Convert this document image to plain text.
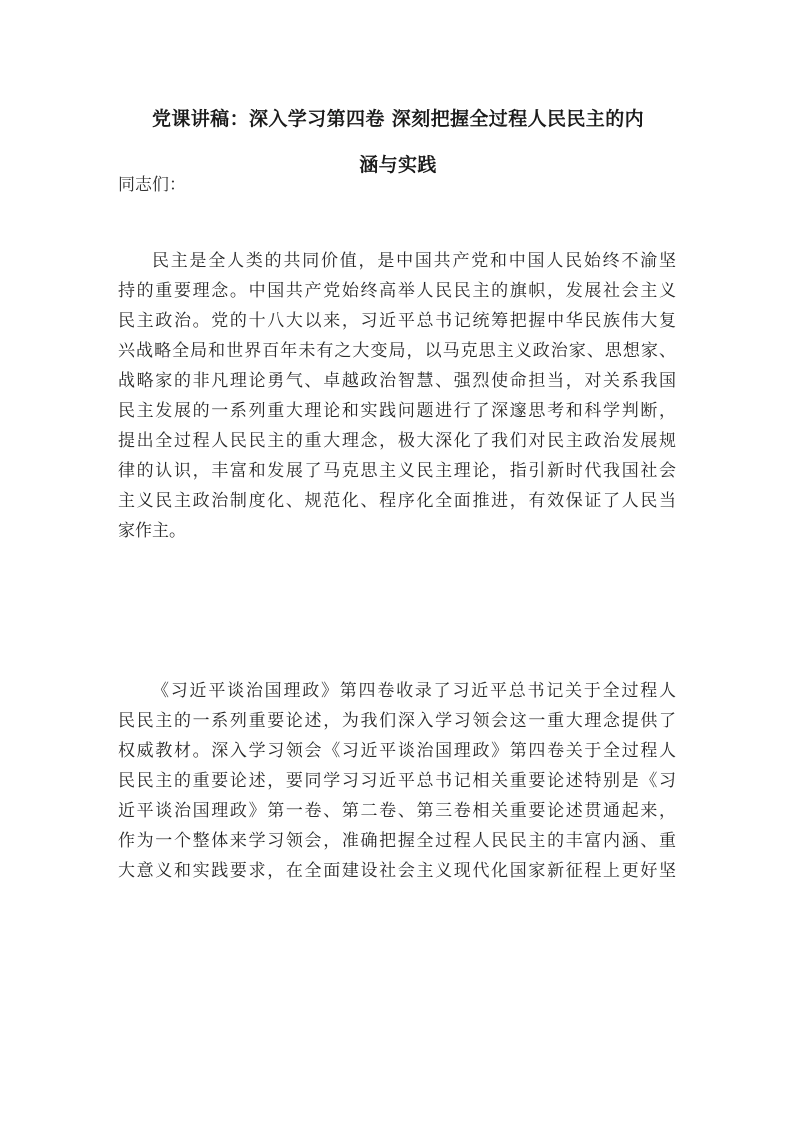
党课讲稿：深入学习第四卷 深刻把握全过程人民民主的内
涵与实践
同志们：
民主是全人类的共同价值，是中国共产党和中国人民始终不渝坚
持的重要理念。中国共产党始终高举人民民主的旗帜，发展社会主义
民主政治。党的十八大以来，习近平总书记统筹把握中华民族伟大复
兴战略全局和世界百年未有之大变局，以马克思主义政治家、思想家、
战略家的非凡理论勇气、卓越政治智慧、强烈使命担当，对关系我国
民主发展的一系列重大理论和实践问题进行了深邃思考和科学判断，
提出全过程人民民主的重大理念，极大深化了我们对民主政治发展规
律的认识，丰富和发展了马克思主义民主理论，指引新时代我国社会
主义民主政治制度化、规范化、程序化全面推进，有效保证了人民当
家作主。
《习近平谈治国理政》第四卷收录了习近平总书记关于全过程人
民民主的一系列重要论述，为我们深入学习领会这一重大理念提供了
权威教材。深入学习领会《习近平谈治国理政》第四卷关于全过程人
民民主的重要论述，要同学习习近平总书记相关重要论述特别是《习
近平谈治国理政》第一卷、第二卷、第三卷相关重要论述贯通起来，
作为一个整体来学习领会，准确把握全过程人民民主的丰富内涵、重
大意义和实践要求，在全面建设社会主义现代化国家新征程上更好坚
